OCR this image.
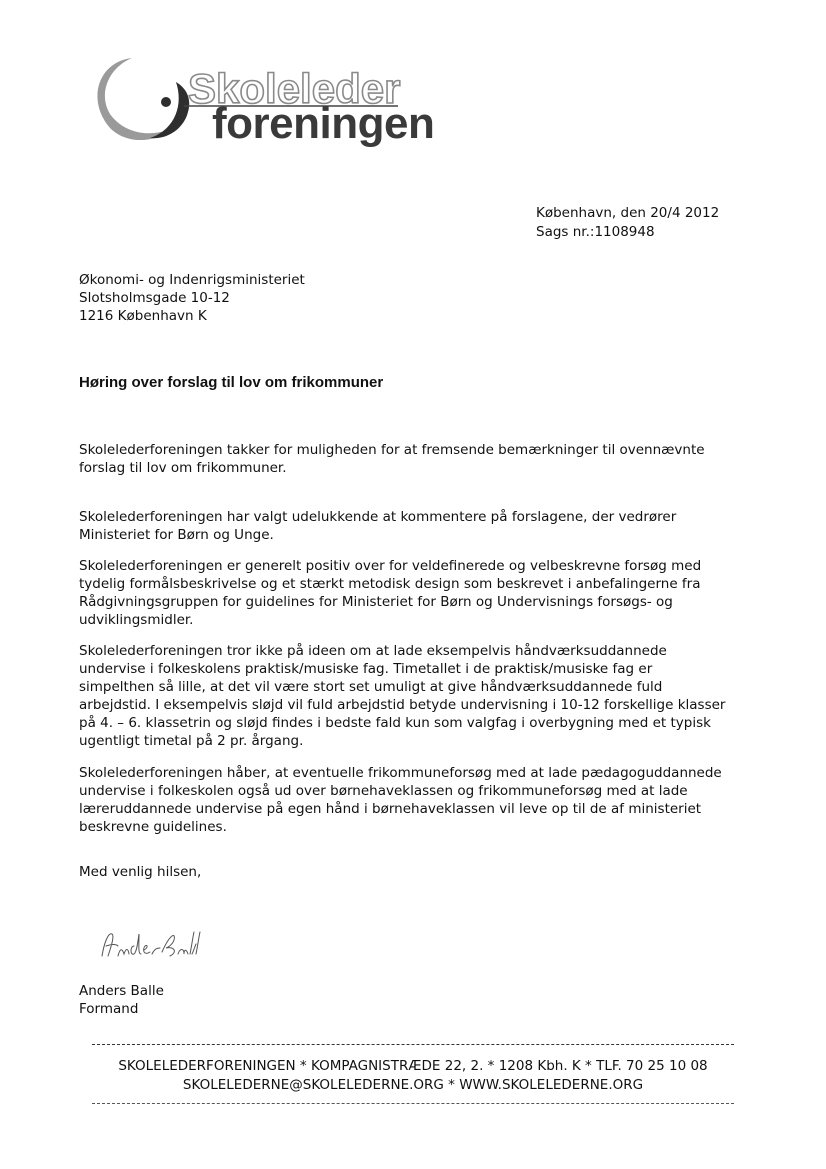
Skoleleder
foreningen
København, den 20/4 2012
Sags nr.:1108948
Økonomi- og Indenrigsministeriet
Slotsholmsgade 10-12
1216 København K
Høring over forslag til lov om frikommuner

Skolelederforeningen takker for muligheden for at fremsende bemærkninger til ovennævnte forslag til lov om frikommuner.

Skolelederforeningen har valgt udelukkende at kommentere på forslagene, der vedrører Ministeriet for Børn og Unge.

Skolelederforeningen er generelt positiv over for veldefinerede og velbeskrevne forsøg med tydelig formålsbeskrivelse og et stærkt metodisk design som beskrevet i anbefalingerne fra Rådgivningsgruppen for guidelines for Ministeriet for Børn og Undervisnings forsøgs- og udviklingsmidler.

Skolelederforeningen tror ikke på ideen om at lade eksempelvis håndværksuddannede undervise i folkeskolens praktisk/musiske fag. Timetallet i de praktisk/musiske fag er simpelthen så lille, at det vil være stort set umuligt at give håndværksuddannede fuld arbejdstid. I eksempelvis sløjd vil fuld arbejdstid betyde undervisning i 10-12 forskellige klasser på 4. – 6. klassetrin og sløjd findes i bedste fald kun som valgfag i overbygning med et typisk ugentligt timetal på 2 pr. årgang.

Skolelederforeningen håber, at eventuelle frikommuneforsøg med at lade pædagoguddannede undervise i folkeskolen også ud over børnehaveklassen og frikommuneforsøg med at lade læreruddannede undervise på egen hånd i børnehaveklassen vil leve op til de af ministeriet beskrevne guidelines.

Med venlig hilsen,
Anders Balle
Formand
SKOLELEDERFORENINGEN * KOMPAGNISTRÆDE 22, 2. * 1208 Kbh. K * TLF. 70 25 10 08
SKOLELEDERNE@SKOLELEDERNE.ORG * WWW.SKOLELEDERNE.ORG
